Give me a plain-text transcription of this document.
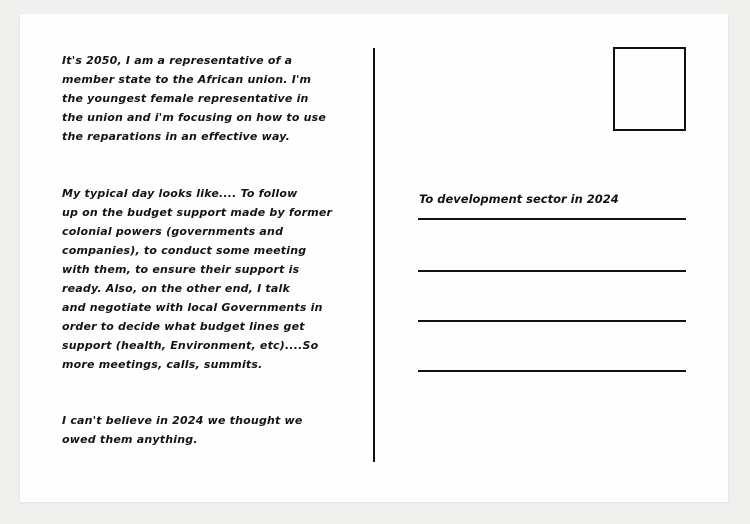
It's 2050, I am a representative of a
member state to the African union. I'm
the youngest female representative in
the union and i'm focusing on how to use
the reparations in an effective way.

My typical day looks like.... To follow
up on the budget support made by former
colonial powers (governments and
companies), to conduct some meeting
with them, to ensure their support is
ready. Also, on the other end, I talk
and negotiate with local Governments in
order to decide what budget lines get
support (health, Environment, etc)....So
more meetings, calls, summits.

I can't believe in 2024 we thought we
owed them anything.

To development sector in 2024
